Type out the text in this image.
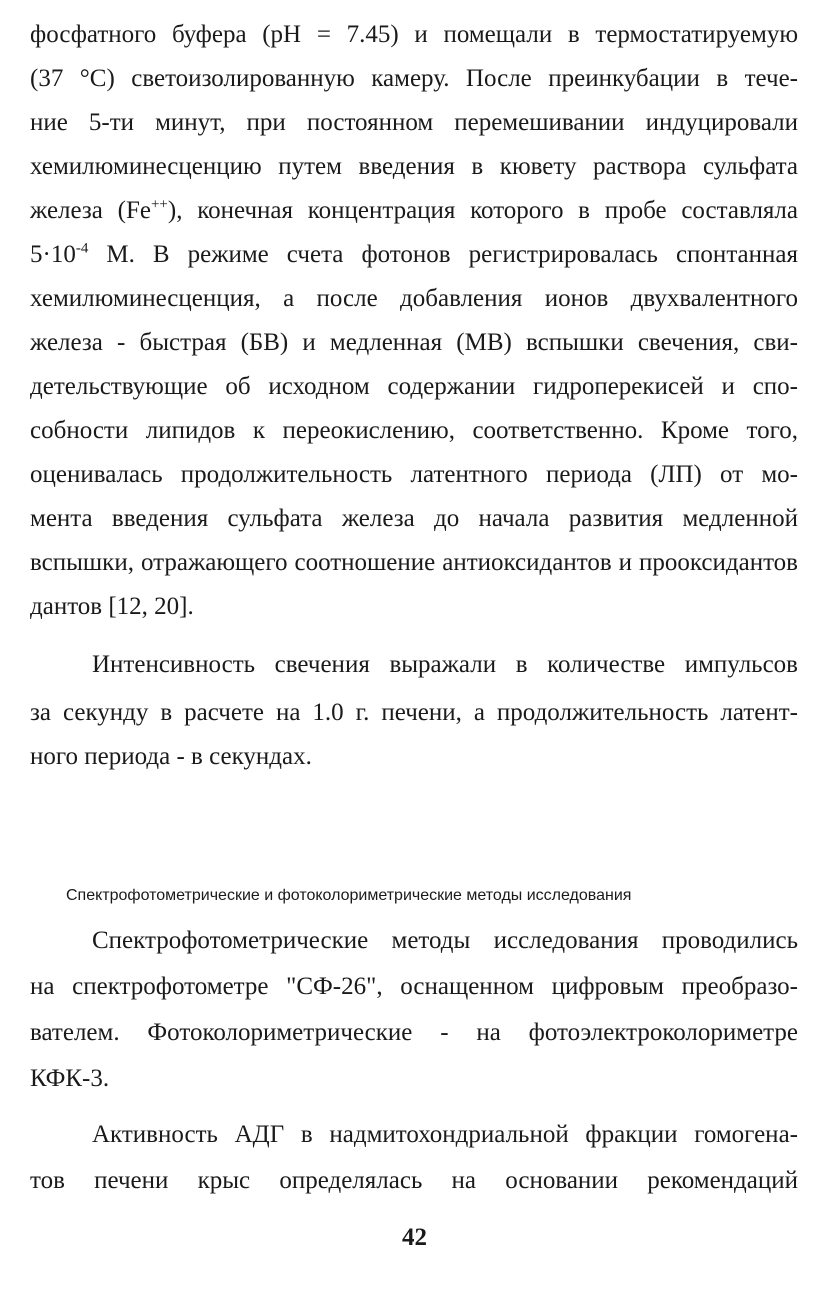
фосфатного буфера (рН = 7.45) и помещали в термостатируемую
(37 °С) светоизолированную камеру. После преинкубации в тече-
ние 5-ти минут, при постоянном перемешивании индуцировали
хемилюминесценцию путем введения в кювету раствора сульфата
железа (Fe++), конечная концентрация которого в пробе составляла
$5\cdot 10^{-4}$ М. В режиме счета фотонов регистрировалась спонтанная
хемилюминесценция, а после добавления ионов двухвалентного
железа - быстрая (БВ) и медленная (МВ) вспышки свечения, сви-
детельствующие об исходном содержании гидроперекисей и спо-
собности липидов к переокислению, соответственно. Кроме того,
оценивалась продолжительность латентного периода (ЛП) от мо-
мента введения сульфата железа до начала развития медленной
вспышки, отражающего соотношение антиоксидантов и прооксидантов
дантов [12, 20].
Интенсивность свечения выражали в количестве импульсов
за секунду в расчете на 1.0 г. печени, а продолжительность латент-
ного периода - в секундах.
Спектрофотометрические и фотоколориметрические методы исследования
Спектрофотометрические методы исследования проводились
на спектрофотометре "СФ-26", оснащенном цифровым преобразо-
вателем. Фотоколориметрические - на фотоэлектроколориметре
КФК-3.
Активность АДГ в надмитохондриальной фракции гомогена-
тов печени крыс определялась на основании рекомендаций
42
